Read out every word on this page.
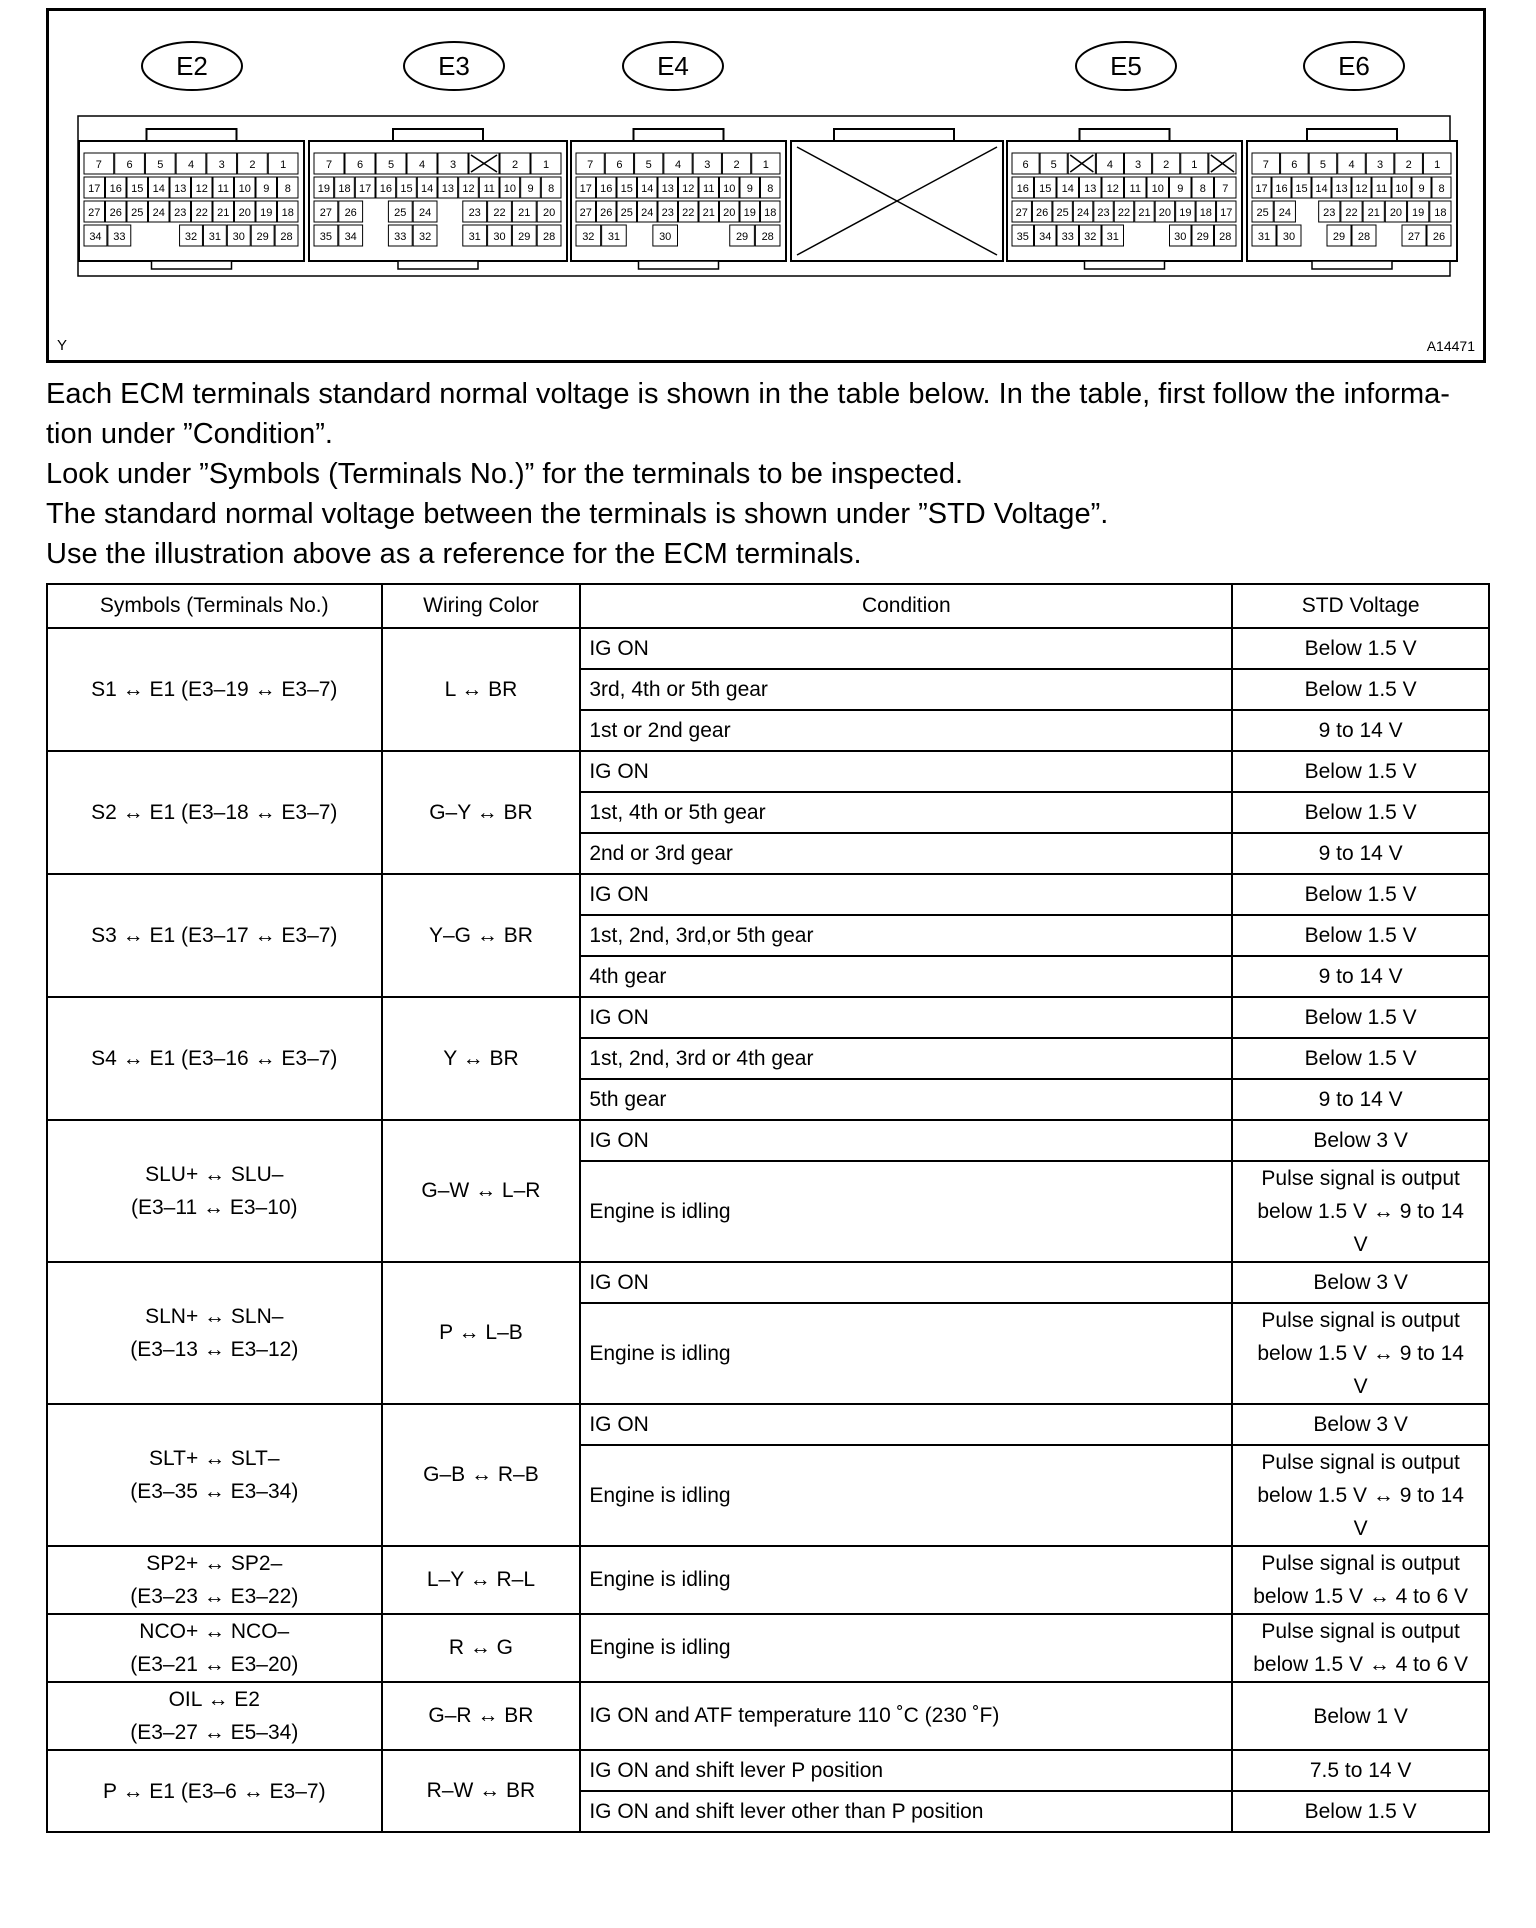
E2	E3	E4	E5	E6
7 6 5 4 3 2 1
17 16 15 14 13 12 11 10 9 8
27 26 25 24 23 22 21 20 19 18
34 33	32 31 30 29 28
7 6 5 4 3	2 1
19 18 17 16 15 14 13 12 11 10 9 8
27 26	25 24	23 22 21 20
35 34	33 32	31 30 29 28
7 6 5 4 3 2 1
17 16 15 14 13 12 11 10 9 8
27 26 25 24 23 22 21 20 19 18
32 31	30	29 28
6 5	4 3 2 1
16 15 14 13 12 11 10 9 8 7
27 26 25 24 23 22 21 20 19 18 17
35 34 33 32 31	30 29 28
7 6 5 4 3 2 1
17 16 15 14 13 12 11 10 9 8
25 24	23 22 21 20 19 18
31 30	29 28	27 26
Y	A14471

Each ECM terminals standard normal voltage is shown in the table below. In the table, first follow the informa-

tion under ”Condition”.

Look under ”Symbols (Terminals No.)” for the terminals to be inspected.

The standard normal voltage between the terminals is shown under ”STD Voltage”.

Use the illustration above as a reference for the ECM terminals.

Symbols (Terminals No.)	Wiring Color	Condition	STD Voltage

S1 ↔ E1 (E3–19 ↔ E3–7)	L ↔ BR	IG ON	Below 1.5 V

		3rd, 4th or 5th gear	Below 1.5 V

		1st or 2nd gear	9 to 14 V

S2 ↔ E1 (E3–18 ↔ E3–7)	G–Y ↔ BR	IG ON	Below 1.5 V

		1st, 4th or 5th gear	Below 1.5 V

		2nd or 3rd gear	9 to 14 V

S3 ↔ E1 (E3–17 ↔ E3–7)	Y–G ↔ BR	IG ON	Below 1.5 V

		1st, 2nd, 3rd,or 5th gear	Below 1.5 V

		4th gear	9 to 14 V

S4 ↔ E1 (E3–16 ↔ E3–7)	Y ↔ BR	IG ON	Below 1.5 V

		1st, 2nd, 3rd or 4th gear	Below 1.5 V

		5th gear	9 to 14 V

SLU+ ↔ SLU–
(E3–11 ↔ E3–10)	G–W ↔ L–R	IG ON	Below 3 V

		Engine is idling	Pulse signal is output
below 1.5 V ↔ 9 to 14
V

SLN+ ↔ SLN–
(E3–13 ↔ E3–12)	P ↔ L–B	IG ON	Below 3 V

		Engine is idling	Pulse signal is output
below 1.5 V ↔ 9 to 14
V

SLT+ ↔ SLT–
(E3–35 ↔ E3–34)	G–B ↔ R–B	IG ON	Below 3 V

		Engine is idling	Pulse signal is output
below 1.5 V ↔ 9 to 14
V

SP2+ ↔ SP2–
(E3–23 ↔ E3–22)	L–Y ↔ R–L	Engine is idling	Pulse signal is output
below 1.5 V ↔ 4 to 6 V

NCO+ ↔ NCO–
(E3–21 ↔ E3–20)	R ↔ G	Engine is idling	Pulse signal is output
below 1.5 V ↔ 4 to 6 V

OIL ↔ E2
(E3–27 ↔ E5–34)	G–R ↔ BR	IG ON and ATF temperature 110 ˚C (230 ˚F)	Below 1 V

P ↔ E1 (E3–6 ↔ E3–7)	R–W ↔ BR	IG ON and shift lever P position	7.5 to 14 V

		IG ON and shift lever other than P position	Below 1.5 V
